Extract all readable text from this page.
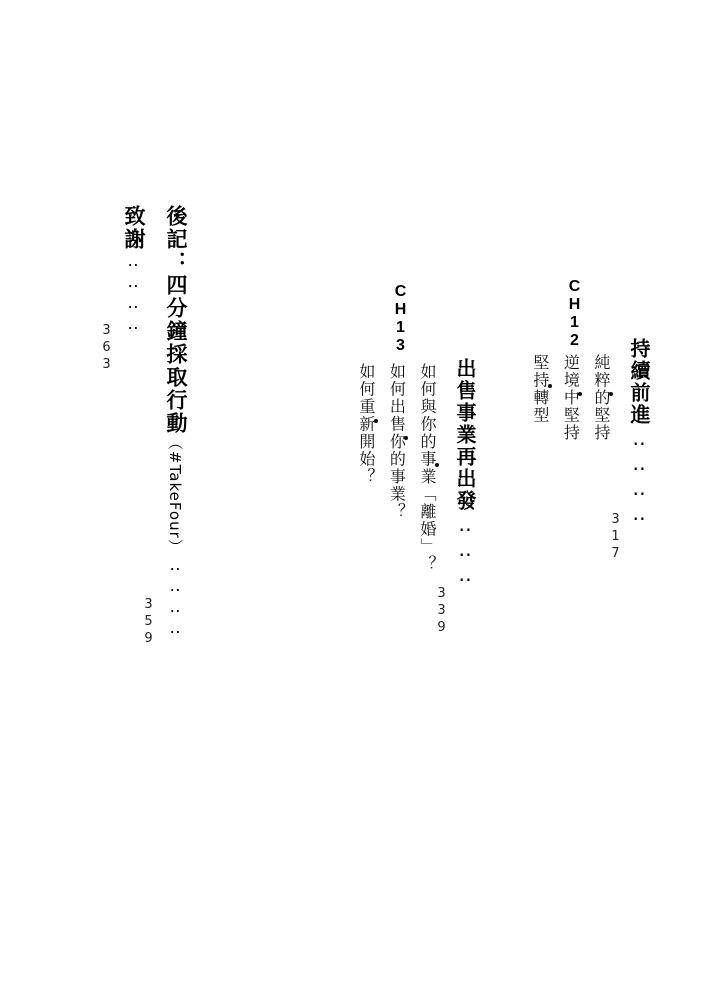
CH12
持續前進‥‥‥‥
317
純粹的堅持
逆境中堅持
堅持轉型
CH13
出售事業再出發‥‥‥
339
如何與你的事業「離婚」？
如何出售你的事業？
如何重新開始？
後記：四分鐘採取行動（#TakeFour）‥‥‥‥
359
致謝‥‥‥‥
363
